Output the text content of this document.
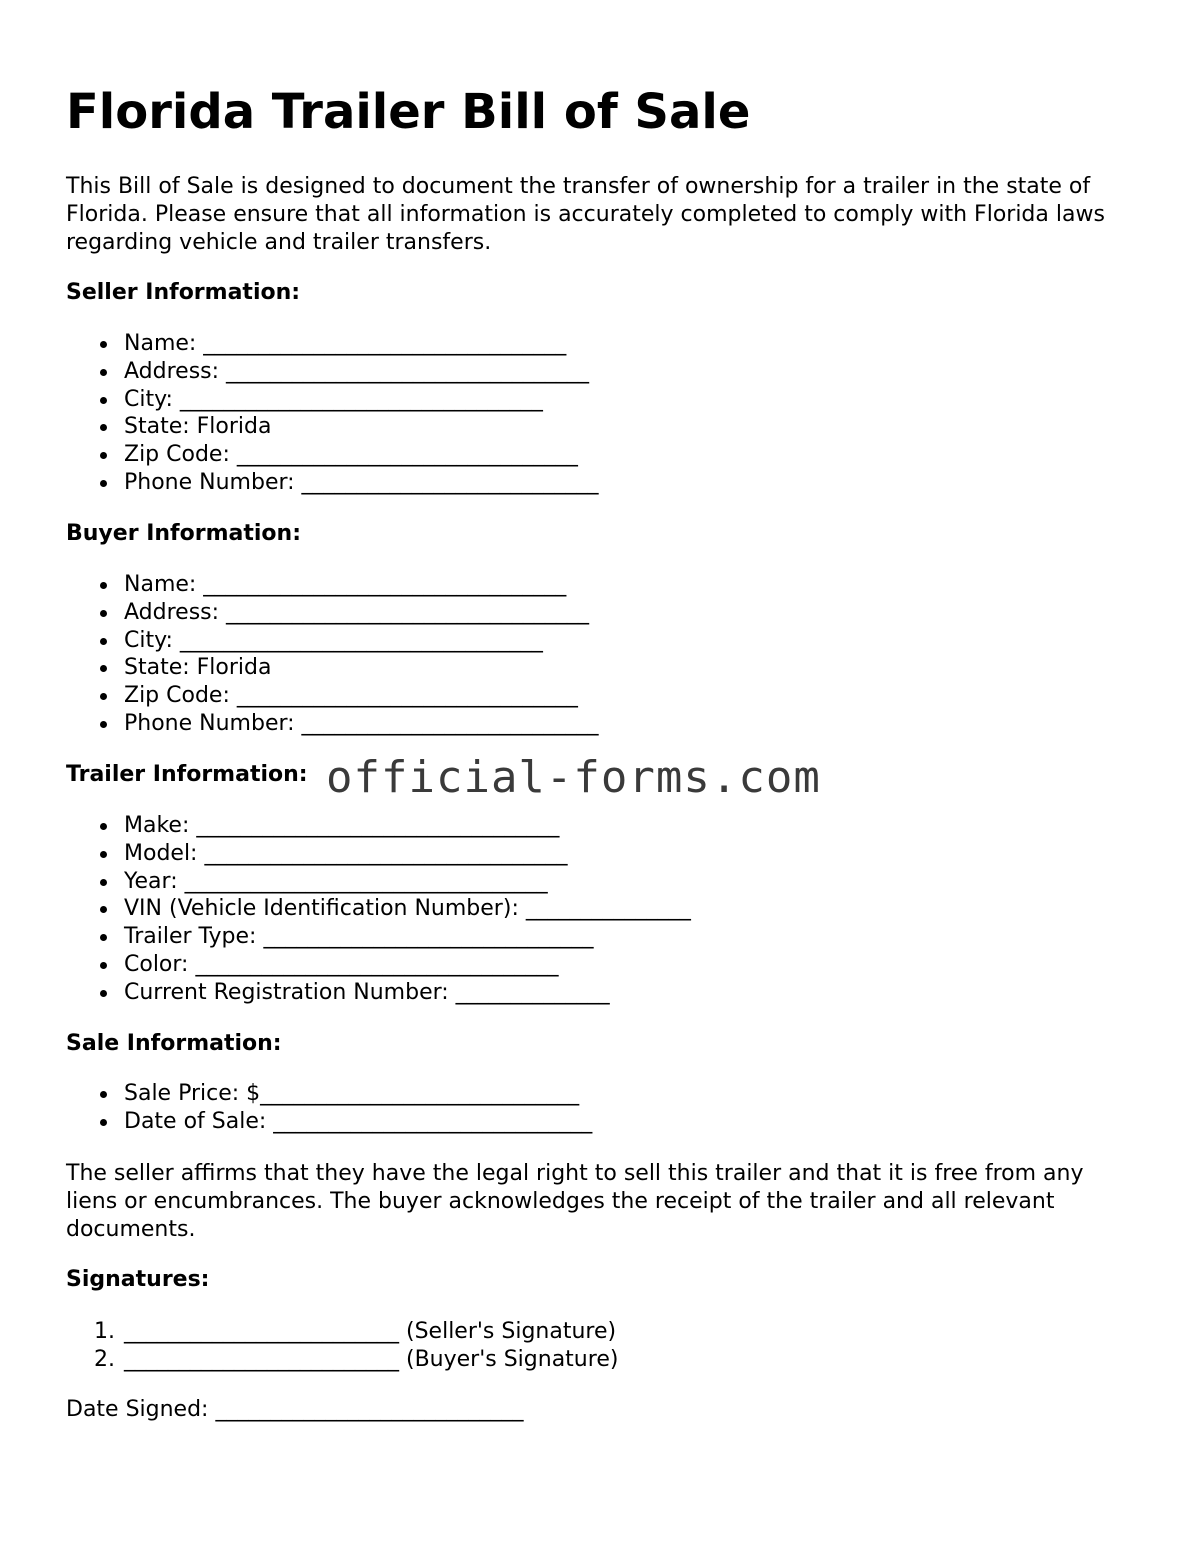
Florida Trailer Bill of Sale

This Bill of Sale is designed to document the transfer of ownership for a trailer in the state of Florida. Please ensure that all information is accurately completed to comply with Florida laws regarding vehicle and trailer transfers.

Seller Information:
Name: _________________________________
Address: _________________________________
City: _________________________________
State: Florida
Zip Code: _______________________________
Phone Number: ___________________________
Buyer Information:
Name: _________________________________
Address: _________________________________
City: _________________________________
State: Florida
Zip Code: _______________________________
Phone Number: ___________________________
Trailer Information:
Make: _________________________________
Model: _________________________________
Year: _________________________________
VIN (Vehicle Identification Number): _______________
Trailer Type: ______________________________
Color: _________________________________
Current Registration Number: ______________
Sale Information:
Sale Price: $_____________________________
Date of Sale: _____________________________

The seller affirms that they have the legal right to sell this trailer and that it is free from any liens or encumbrances. The buyer acknowledges the receipt of the trailer and all relevant documents.

Signatures:
1. _________________________ (Seller's Signature)
2. _________________________ (Buyer's Signature)

Date Signed: ____________________________

official-forms.com
